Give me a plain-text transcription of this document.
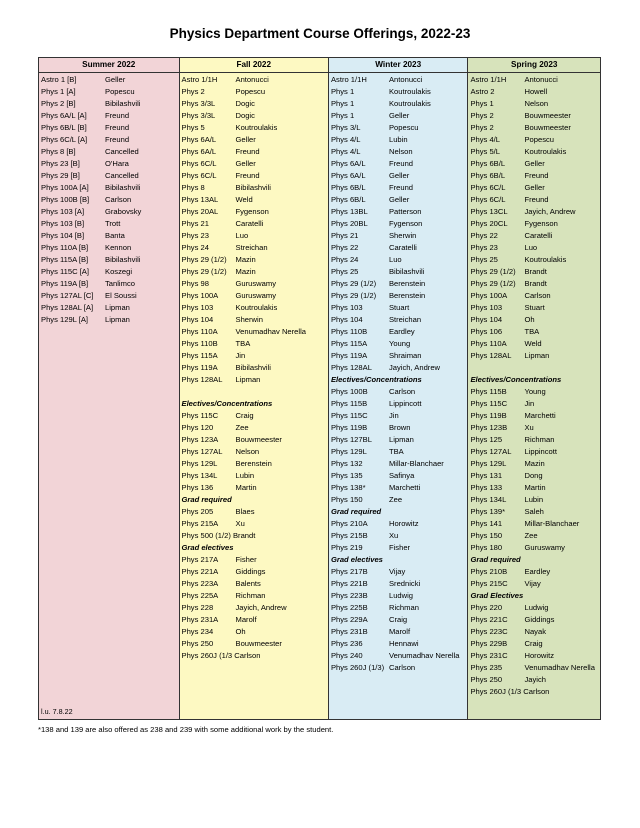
Physics Department Course Offerings, 2022-23
Summer 2022
Astro 1 [B]	Geller
Phys 1 [A]	Popescu
Phys 2 [B]	Bibilashvili
Phys 6A/L [A] Freund
Phys 6B/L [B] Freund
Phys 6C/L [A] Freund
Phys 8 [B]	Cancelled
Phys 23 [B]	O'Hara
Phys 29 [B]	Cancelled
Phys 100A [A] Bibilashvili
Phys 100B [B] Carlson
Phys 103 [A]	Grabovsky
Phys 103 [B]	Trott
Phys 104 [B]	Banta
Phys 110A [B] Kennon
Phys 115A [B] Bibilashvili
Phys 115C [A] Koszegi
Phys 119A [B] Tanlimco
Phys 127AL [C] El Soussi
Phys 128AL [A] Lipman
Phys 129L [A] Lipman
l.u. 7.8.22
Fall 2022
Astro 1/1H Antonucci
Phys 2	Popescu
Phys 3/3L	Dogic
Phys 3/3L	Dogic
Phys 5	Koutroulakis
Phys 6A/L	Geller
Phys 6A/L	Freund
Phys 6C/L Geller
Phys 6C/L Freund
Phys 8	Bibilashvili
Phys 13AL Weld
Phys 20AL Fygenson
Phys 21	Caratelli
Phys 23	Luo
Phys 24	Streichan
Phys 29 (1/2) Mazin
Phys 29 (1/2) Mazin
Phys 98	Guruswamy
Phys 100A Guruswamy
Phys 103	Koutroulakis
Phys 104	Sherwin
Phys 110A Venumadhav Nerella
Phys 110B TBA
Phys 115A Jin
Phys 119A Bibilashvili
Phys 128AL Lipman
Electives/Concentrations
Phys 115C Craig
Phys 120	Zee
Phys 123A Bouwmeester
Phys 127AL Nelson
Phys 129L Berenstein
Phys 134L Lubin
Phys 136	Martin
Grad required
Phys 205	Blaes
Phys 215A Xu
Phys 500 (1/2) Brandt
Grad electives
Phys 217A Fisher
Phys 221A Giddings
Phys 223A Balents
Phys 225A Richman
Phys 228	Jayich, Andrew
Phys 231A Marolf
Phys 234	Oh
Phys 250	Bouwmeester
Phys 260J (1/3 Carlson
Winter 2023
Astro 1/1H	Antonucci
Phys 1	Koutroulakis
Phys 1	Koutroulakis
Phys 1	Geller
Phys 3/L	Popescu
Phys 4/L	Lubin
Phys 4/L	Nelson
Phys 6A/L	Freund
Phys 6A/L	Geller
Phys 6B/L	Freund
Phys 6B/L	Geller
Phys 13BL	Patterson
Phys 20BL	Fygenson
Phys 21	Sherwin
Phys 22	Caratelli
Phys 24	Luo
Phys 25	Bibilashvili
Phys 29 (1/2) Berenstein
Phys 29 (1/2) Berenstein
Phys 103	Stuart
Phys 104	Streichan
Phys 110B	Eardley
Phys 115A	Young
Phys 119A	Shraiman
Phys 128AL Jayich, Andrew
Electives/Concentrations
Phys 100B	Carlson
Phys 115B	Lippincott
Phys 115C	Jin
Phys 119B	Brown
Phys 127BL Lipman
Phys 129L	TBA
Phys 132	Millar-Blanchaer
Phys 135	Safinya
Phys 138*	Marchetti
Phys 150	Zee
Grad required
Phys 210A	Horowitz
Phys 215B	Xu
Phys 219	Fisher
Grad electives
Phys 217B	Vijay
Phys 221B	Srednicki
Phys 223B	Ludwig
Phys 225B	Richman
Phys 229A	Craig
Phys 231B	Marolf
Phys 236	Hennawi
Phys 240	Venumadhav Nerella
Phys 260J (1/3) Carlson
Spring 2023
Astro 1/1H Antonucci
Astro 2	Howell
Phys 1	Nelson
Phys 2	Bouwmeester
Phys 2	Bouwmeester
Phys 4/L	Popescu
Phys 5/L	Koutroulakis
Phys 6B/L	Geller
Phys 6B/L	Freund
Phys 6C/L Geller
Phys 6C/L Freund
Phys 13CL Jayich, Andrew
Phys 20CL Fygenson
Phys 22	Caratelli
Phys 23	Luo
Phys 25	Koutroulakis
Phys 29 (1/2) Brandt
Phys 29 (1/2) Brandt
Phys 100A Carlson
Phys 103	Stuart
Phys 104	Oh
Phys 106	TBA
Phys 110A Weld
Phys 128AL Lipman
Electives/Concentrations
Phys 115B Young
Phys 115C Jin
Phys 119B Marchetti
Phys 123B Xu
Phys 125	Richman
Phys 127AL Lippincott
Phys 129L Mazin
Phys 131	Dong
Phys 133	Martin
Phys 134L Lubin
Phys 139*	Saleh
Phys 141	Millar-Blanchaer
Phys 150	Zee
Phys 180	Guruswamy
Grad required
Phys 210B Eardley
Phys 215C Vijay
Grad Electives
Phys 220	Ludwig
Phys 221C Giddings
Phys 223C Nayak
Phys 229B Craig
Phys 231C Horowitz
Phys 235	Venumadhav Nerella
Phys 250	Jayich
Phys 260J (1/3 Carlson
*138 and 139 are also offered as 238 and 239 with some additional work by the student.
